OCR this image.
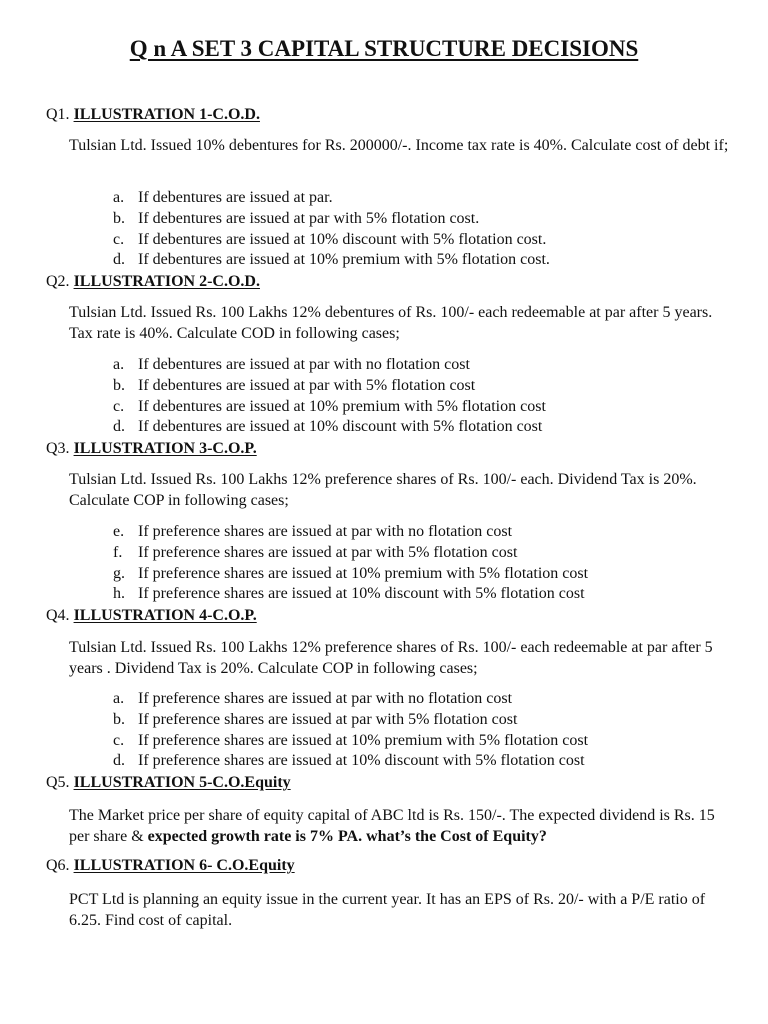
Q n A SET 3 CAPITAL STRUCTURE DECISIONS
Q1. ILLUSTRATION 1-C.O.D.
Tulsian Ltd. Issued 10% debentures for Rs. 200000/-. Income tax rate is 40%. Calculate cost of debt if;
a. If debentures are issued at par.
b. If debentures are issued at par with 5% flotation cost.
c. If debentures are issued at 10% discount with 5% flotation cost.
d. If debentures are issued at 10% premium with 5% flotation cost.
Q2. ILLUSTRATION 2-C.O.D.
Tulsian Ltd. Issued Rs. 100 Lakhs 12% debentures of Rs. 100/- each redeemable at par after 5 years. Tax rate is 40%. Calculate COD in following cases;
a. If debentures are issued at par with no flotation cost
b. If debentures are issued at par with 5% flotation cost
c. If debentures are issued at 10% premium with 5% flotation cost
d. If debentures are issued at 10% discount with 5% flotation cost
Q3. ILLUSTRATION 3-C.O.P.
Tulsian Ltd. Issued Rs. 100 Lakhs 12% preference shares of Rs. 100/- each. Dividend Tax is 20%. Calculate COP in following cases;
e. If preference shares are issued at par with no flotation cost
f. If preference shares are issued at par with 5% flotation cost
g. If preference shares are issued at 10% premium with 5% flotation cost
h. If preference shares are issued at 10% discount with 5% flotation cost
Q4. ILLUSTRATION 4-C.O.P.
Tulsian Ltd. Issued Rs. 100 Lakhs 12% preference shares of Rs. 100/- each redeemable at par after 5 years . Dividend Tax is 20%. Calculate COP in following cases;
a. If preference shares are issued at par with no flotation cost
b. If preference shares are issued at par with 5% flotation cost
c. If preference shares are issued at 10% premium with 5% flotation cost
d. If preference shares are issued at 10% discount with 5% flotation cost
Q5. ILLUSTRATION 5-C.O.Equity
The Market price per share of equity capital of ABC ltd is Rs. 150/-. The expected dividend is Rs. 15 per share & expected growth rate is 7% PA. what’s the Cost of Equity?
Q6. ILLUSTRATION 6- C.O.Equity
PCT Ltd is planning an equity issue in the current year. It has an EPS of Rs. 20/- with a P/E ratio of 6.25. Find cost of capital.
